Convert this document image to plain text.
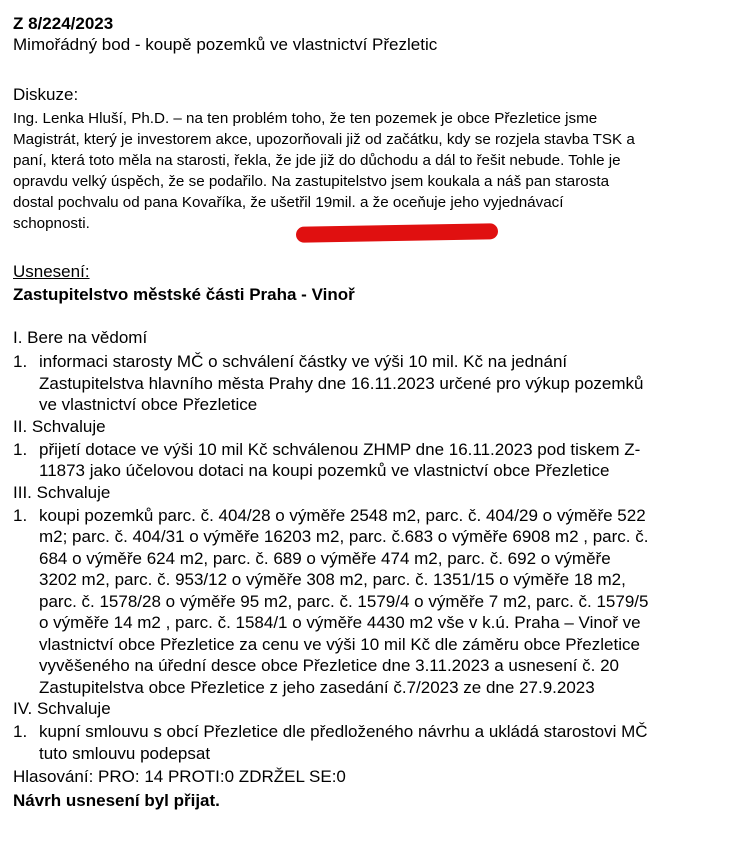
Z 8/224/2023
Mimořádný bod - koupě pozemků ve vlastnictví Přezletic
Diskuze:
Ing. Lenka Hluší, Ph.D. – na ten problém toho, že ten pozemek je obce Přezletice jsme
Magistrát, který je investorem akce, upozorňovali již od začátku, kdy se rozjela stavba TSK a
paní, která toto měla na starosti, řekla, že jde již do důchodu a dál to řešit nebude. Tohle je
opravdu velký úspěch, že se podařilo. Na zastupitelstvo jsem koukala a náš pan starosta
dostal pochvalu od pana Kovaříka, že ušetřil 19mil. a že oceňuje jeho vyjednávací
schopnosti.
Usnesení:
Zastupitelstvo městské části Praha - Vinoř
I. Bere na vědomí
1. informaci starosty MČ o schválení částky ve výši 10 mil. Kč na jednání
Zastupitelstva hlavního města Prahy dne 16.11.2023 určené pro výkup pozemků
ve vlastnictví obce Přezletice
II. Schvaluje
1. přijetí dotace ve výši 10 mil Kč schválenou ZHMP dne 16.11.2023 pod tiskem Z-
11873 jako účelovou dotaci na koupi pozemků ve vlastnictví obce Přezletice
III. Schvaluje
1. koupi pozemků parc. č. 404/28 o výměře 2548 m2, parc. č. 404/29 o výměře 522
m2; parc. č. 404/31 o výměře 16203 m2, parc. č.683 o výměře 6908 m2 , parc. č.
684 o výměře 624 m2, parc. č. 689 o výměře 474 m2, parc. č. 692 o výměře
3202 m2, parc. č. 953/12 o výměře 308 m2, parc. č. 1351/15 o výměře 18 m2,
parc. č. 1578/28 o výměře 95 m2, parc. č. 1579/4 o výměře 7 m2, parc. č. 1579/5
o výměře 14 m2 , parc. č. 1584/1 o výměře 4430 m2 vše v k.ú. Praha – Vinoř ve
vlastnictví obce Přezletice za cenu ve výši 10 mil Kč dle záměru obce Přezletice
vyvěšeného na úřední desce obce Přezletice dne 3.11.2023 a usnesení č. 20
Zastupitelstva obce Přezletice z jeho zasedání č.7/2023 ze dne 27.9.2023
IV. Schvaluje
1. kupní smlouvu s obcí Přezletice dle předloženého návrhu a ukládá starostovi MČ
tuto smlouvu podepsat
Hlasování: PRO: 14 PROTI:0 ZDRŽEL SE:0
Návrh usnesení byl přijat.
